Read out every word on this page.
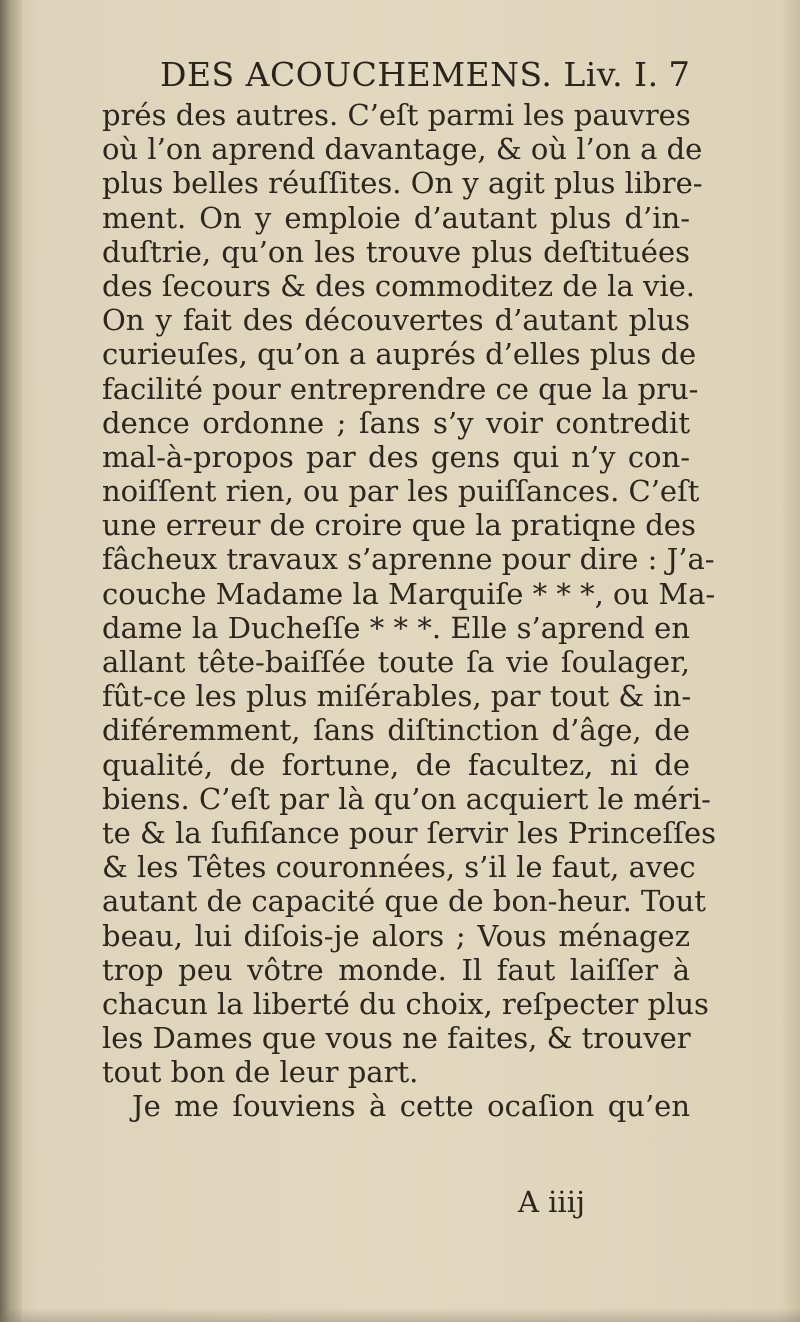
DES ACOUCHEMENS. Liv. I. 7
prés des autres. C’eſt parmi les pauvres
où l’on aprend davantage, & où l’on a de
plus belles réuſſites. On y agit plus libre-
ment. On y emploie d’autant plus d’in-
duſtrie, qu’on les trouve plus deſtituées
des ſecours & des commoditez de la vie.
On y fait des découvertes d’autant plus
curieuſes, qu’on a auprés d’elles plus de
facilité pour entreprendre ce que la pru-
dence ordonne ; ſans s’y voir contredit
mal-à-propos par des gens qui n’y con-
noiſſent rien, ou par les puiſſances. C’eſt
une erreur de croire que la pratiqne des
fâcheux travaux s’aprenne pour dire : J’a-
couche Madame la Marquiſe * * *, ou Ma-
dame la Ducheſſe * * *. Elle s’aprend en
allant tête-baiſſée toute ſa vie ſoulager,
fût-ce les plus miſérables, par tout & in-
diféremment, ſans diſtinction d’âge, de
qualité, de fortune, de facultez, ni de
biens. C’eſt par là qu’on acquiert le méri-
te & la ſufiſance pour ſervir les Princeſſes
& les Têtes couronnées, s’il le faut, avec
autant de capacité que de bon-heur. Tout
beau, lui diſois-je alors ; Vous ménagez
trop peu vôtre monde. Il faut laiſſer à
chacun la liberté du choix, reſpecter plus
les Dames que vous ne faites, & trouver
tout bon de leur part.
Je me ſouviens à cette ocaſion qu’en
A iiij
